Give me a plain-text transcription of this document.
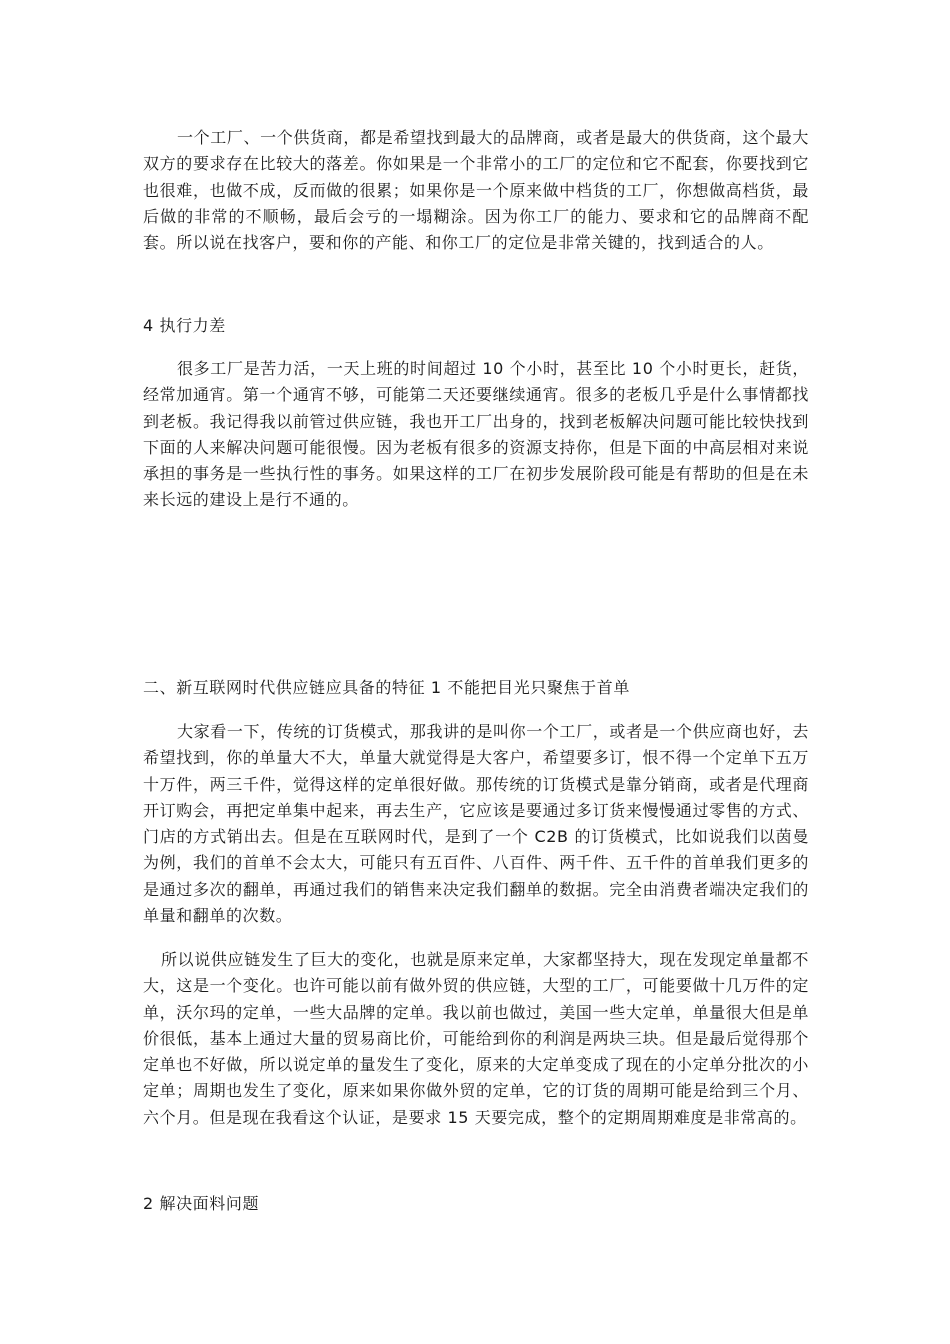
一个工厂、一个供货商，都是希望找到最大的品牌商，或者是最大的供货商，这个最大双方的要求存在比较大的落差。你如果是一个非常小的工厂的定位和它不配套，你要找到它也很难，也做不成，反而做的很累；如果你是一个原来做中档货的工厂，你想做高档货，最后做的非常的不顺畅，最后会亏的一塌糊涂。因为你工厂的能力、要求和它的品牌商不配套。所以说在找客户，要和你的产能、和你工厂的定位是非常关键的，找到适合的人。

4 执行力差

很多工厂是苦力活，一天上班的时间超过 10 个小时，甚至比 10 个小时更长，赶货，经常加通宵。第一个通宵不够，可能第二天还要继续通宵。很多的老板几乎是什么事情都找到老板。我记得我以前管过供应链，我也开工厂出身的，找到老板解决问题可能比较快找到下面的人来解决问题可能很慢。因为老板有很多的资源支持你，但是下面的中高层相对来说承担的事务是一些执行性的事务。如果这样的工厂在初步发展阶段可能是有帮助的但是在未来长远的建设上是行不通的。

二、新互联网时代供应链应具备的特征 1 不能把目光只聚焦于首单

大家看一下，传统的订货模式，那我讲的是叫你一个工厂，或者是一个供应商也好，去希望找到，你的单量大不大，单量大就觉得是大客户，希望要多订，恨不得一个定单下五万十万件，两三千件，觉得这样的定单很好做。那传统的订货模式是靠分销商，或者是代理商开订购会，再把定单集中起来，再去生产，它应该是要通过多订货来慢慢通过零售的方式、门店的方式销出去。但是在互联网时代，是到了一个 C2B 的订货模式，比如说我们以茵曼为例，我们的首单不会太大，可能只有五百件、八百件、两千件、五千件的首单我们更多的是通过多次的翻单，再通过我们的销售来决定我们翻单的数据。完全由消费者端决定我们的单量和翻单的次数。

所以说供应链发生了巨大的变化，也就是原来定单，大家都坚持大，现在发现定单量都不大，这是一个变化。也许可能以前有做外贸的供应链，大型的工厂，可能要做十几万件的定单，沃尔玛的定单，一些大品牌的定单。我以前也做过，美国一些大定单，单量很大但是单价很低，基本上通过大量的贸易商比价，可能给到你的利润是两块三块。但是最后觉得那个定单也不好做，所以说定单的量发生了变化，原来的大定单变成了现在的小定单分批次的小定单；周期也发生了变化，原来如果你做外贸的定单，它的订货的周期可能是给到三个月、六个月。但是现在我看这个认证，是要求 15 天要完成，整个的定期周期难度是非常高的。

2 解决面料问题
